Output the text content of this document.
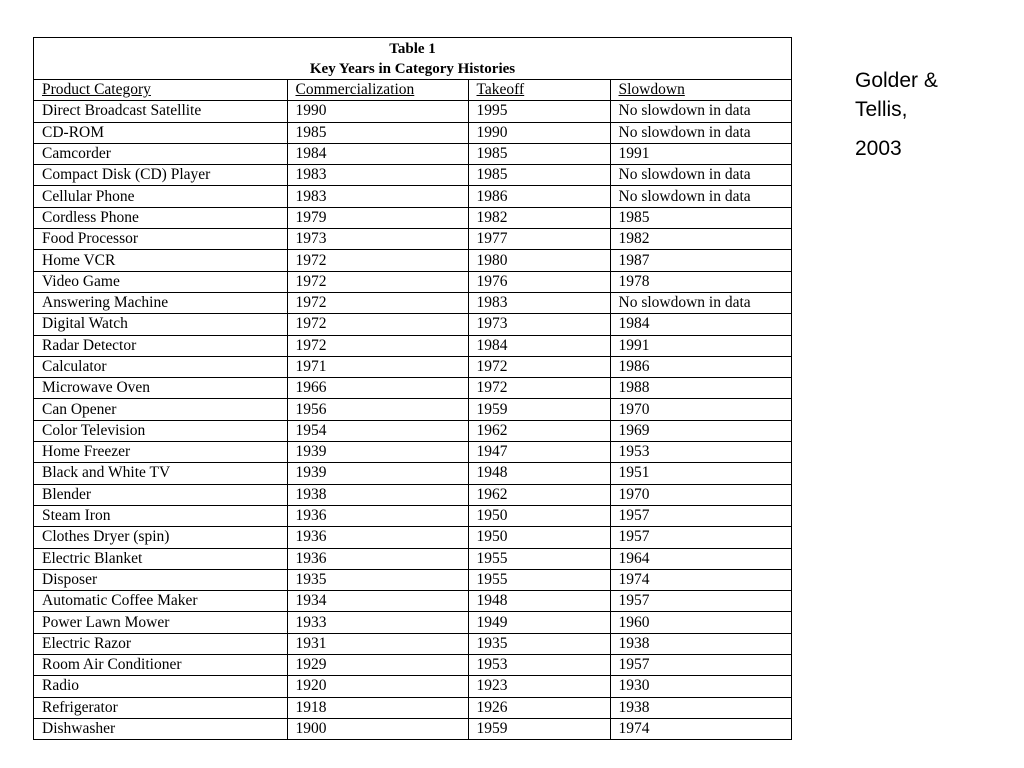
Table 1
Key Years in Category Histories
Product Category	Commercialization	Takeoff	Slowdown
Direct Broadcast Satellite	1990	1995	No slowdown in data
CD-ROM	1985	1990	No slowdown in data
Camcorder	1984	1985	1991
Compact Disk (CD) Player	1983	1985	No slowdown in data
Cellular Phone	1983	1986	No slowdown in data
Cordless Phone	1979	1982	1985
Food Processor	1973	1977	1982
Home VCR	1972	1980	1987
Video Game	1972	1976	1978
Answering Machine	1972	1983	No slowdown in data
Digital Watch	1972	1973	1984
Radar Detector	1972	1984	1991
Calculator	1971	1972	1986
Microwave Oven	1966	1972	1988
Can Opener	1956	1959	1970
Color Television	1954	1962	1969
Home Freezer	1939	1947	1953
Black and White TV	1939	1948	1951
Blender	1938	1962	1970
Steam Iron	1936	1950	1957
Clothes Dryer (spin)	1936	1950	1957
Electric Blanket	1936	1955	1964
Disposer	1935	1955	1974
Automatic Coffee Maker	1934	1948	1957
Power Lawn Mower	1933	1949	1960
Electric Razor	1931	1935	1938
Room Air Conditioner	1929	1953	1957
Radio	1920	1923	1930
Refrigerator	1918	1926	1938
Dishwasher	1900	1959	1974
Golder &
Tellis,
2003
